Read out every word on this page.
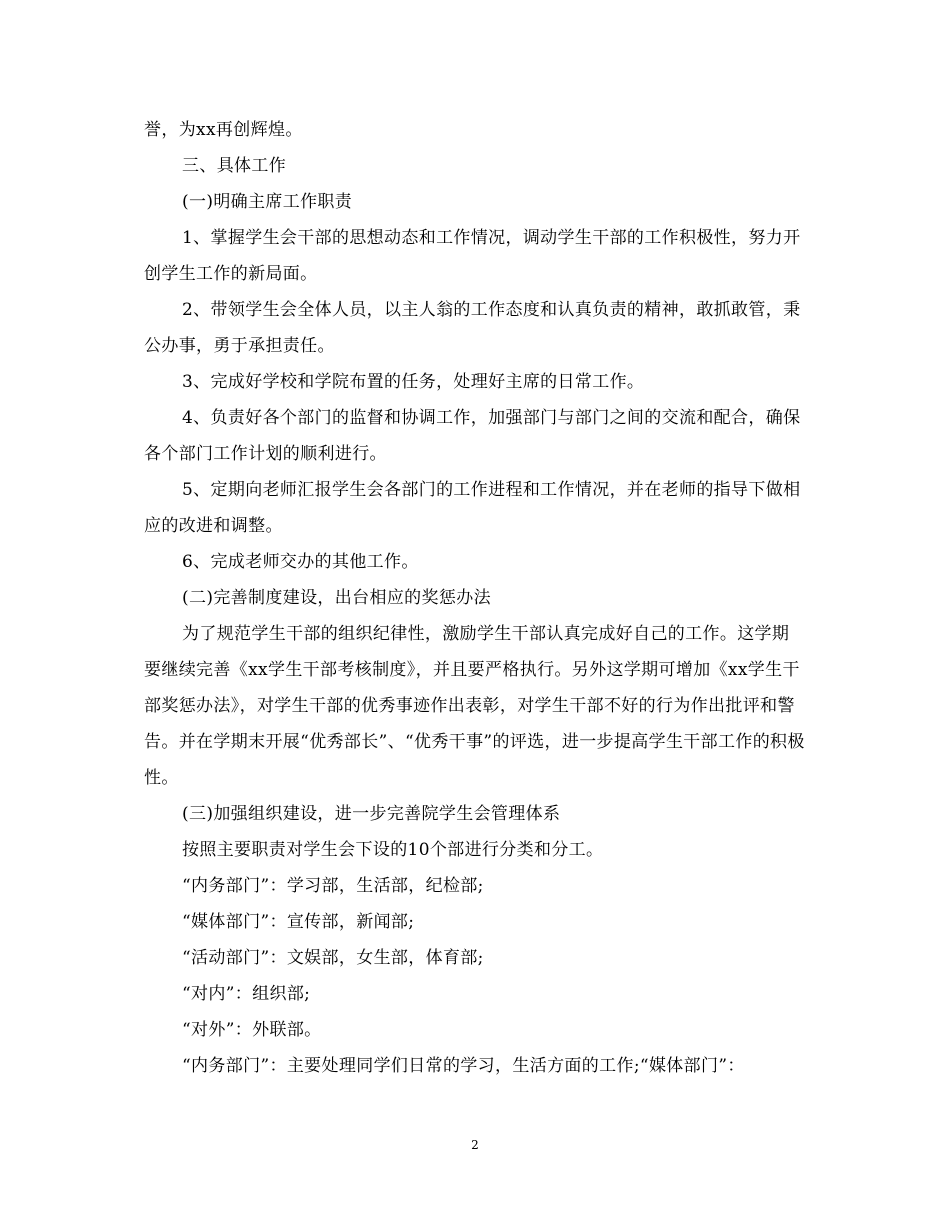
誉，为xx再创辉煌。

三、具体工作

(一)明确主席工作职责

1、掌握学生会干部的思想动态和工作情况，调动学生干部的工作积极性，努力开创学生工作的新局面。

2、带领学生会全体人员，以主人翁的工作态度和认真负责的精神，敢抓敢管，秉公办事，勇于承担责任。

3、完成好学校和学院布置的任务，处理好主席的日常工作。

4、负责好各个部门的监督和协调工作，加强部门与部门之间的交流和配合，确保各个部门工作计划的顺利进行。

5、定期向老师汇报学生会各部门的工作进程和工作情况，并在老师的指导下做相应的改进和调整。

6、完成老师交办的其他工作。

(二)完善制度建设，出台相应的奖惩办法

为了规范学生干部的组织纪律性，激励学生干部认真完成好自己的工作。这学期要继续完善《xx学生干部考核制度》，并且要严格执行。另外这学期可增加《xx学生干部奖惩办法》，对学生干部的优秀事迹作出表彰，对学生干部不好的行为作出批评和警告。并在学期末开展“优秀部长”、“优秀干事”的评选，进一步提高学生干部工作的积极性。

(三)加强组织建设，进一步完善院学生会管理体系

按照主要职责对学生会下设的10个部进行分类和分工。

“内务部门”：学习部，生活部，纪检部;

“媒体部门”：宣传部，新闻部;

“活动部门”：文娱部，女生部，体育部;

“对内”：组织部;

“对外”：外联部。

“内务部门”：主要处理同学们日常的学习，生活方面的工作;“媒体部门”：

2
